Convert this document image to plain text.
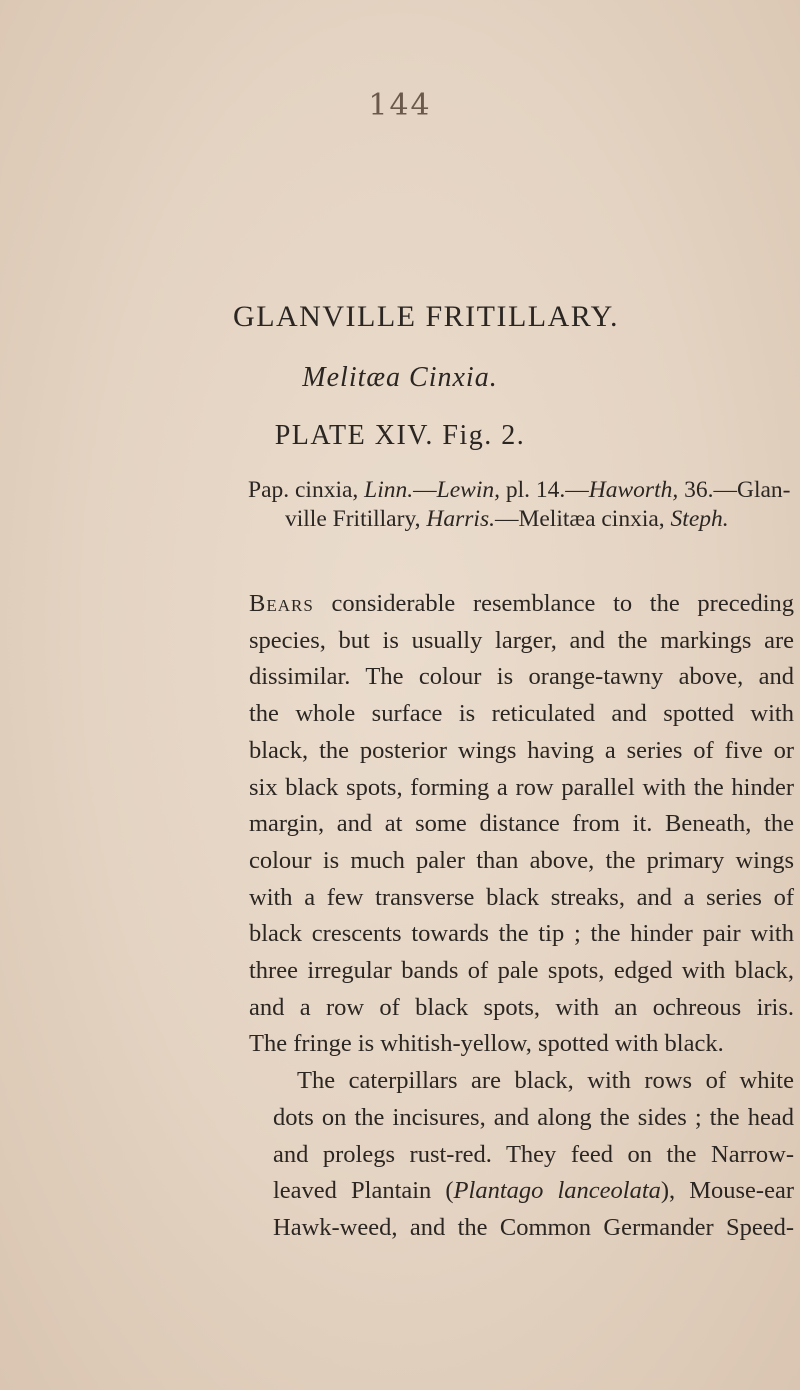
144
GLANVILLE FRITILLARY.
Melitæa Cinxia.
PLATE XIV. Fig. 2.
Pap. cinxia, Linn.—Lewin, pl. 14.—Haworth, 36.—Glan-
ville Fritillary, Harris.—Melitæa cinxia, Steph.

Bears considerable resemblance to the preceding
species, but is usually larger, and the markings are
dissimilar. The colour is orange-tawny above, and
the whole surface is reticulated and spotted with
black, the posterior wings having a series of five or
six black spots, forming a row parallel with the hinder
margin, and at some distance from it. Beneath, the
colour is much paler than above, the primary wings
with a few transverse black streaks, and a series of
black crescents towards the tip ; the hinder pair with
three irregular bands of pale spots, edged with black,
and a row of black spots, with an ochreous iris.
The fringe is whitish-yellow, spotted with black.

The caterpillars are black, with rows of white
dots on the incisures, and along the sides ; the head
and prolegs rust-red. They feed on the Narrow-
leaved Plantain (Plantago lanceolata), Mouse-ear
Hawk-weed, and the Common Germander Speed-
